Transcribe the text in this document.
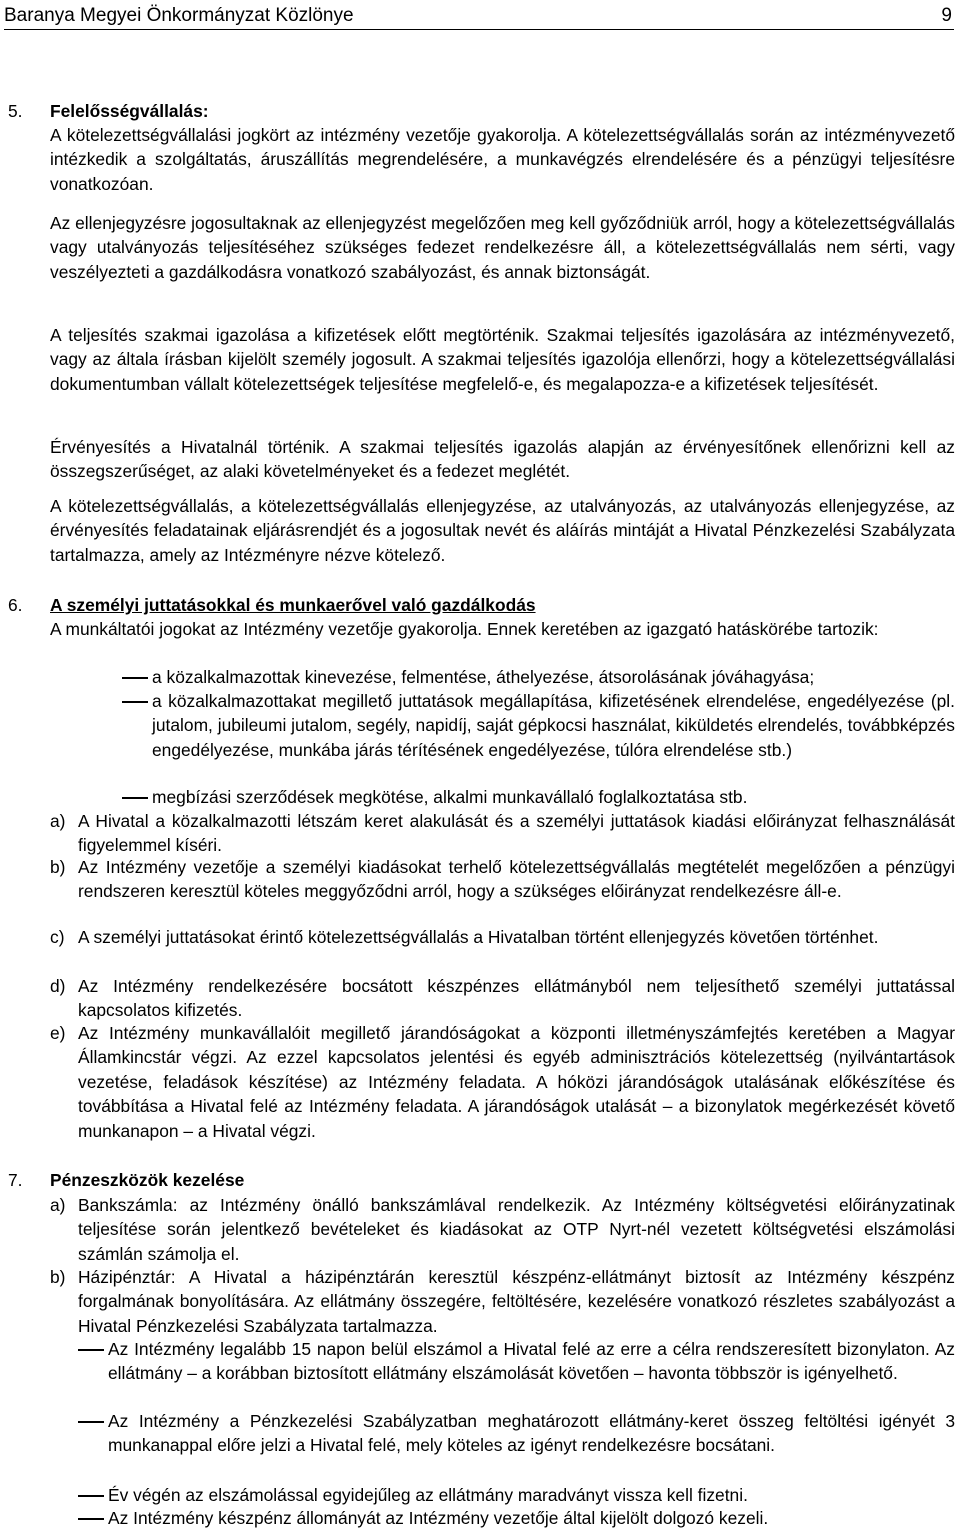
Baranya Megyei Önkormányzat Közlönye	9
5. Felelősségvállalás:
A kötelezettségvállalási jogkört az intézmény vezetője gyakorolja. A kötelezettségvállalás során az intézményvezető intézkedik a szolgáltatás, áruszállítás megrendelésére, a munkavégzés elrendelésére és a pénzügyi teljesítésre vonatkozóan.
Az ellenjegyzésre jogosultaknak az ellenjegyzést megelőzően meg kell győződniük arról, hogy a kötelezettségvállalás vagy utalványozás teljesítéséhez szükséges fedezet rendelkezésre áll, a kötelezettségvállalás nem sérti, vagy veszélyezteti a gazdálkodásra vonatkozó szabályozást, és annak biztonságát.
A teljesítés szakmai igazolása a kifizetések előtt megtörténik. Szakmai teljesítés igazolására az intézményvezető, vagy az általa írásban kijelölt személy jogosult. A szakmai teljesítés igazolója ellenőrzi, hogy a kötelezettségvállalási dokumentumban vállalt kötelezettségek teljesítése megfelelő-e, és megalapozza-e a kifizetések teljesítését.
Érvényesítés a Hivatalnál történik. A szakmai teljesítés igazolás alapján az érvényesítőnek ellenőrizni kell az összegszerűséget, az alaki követelményeket és a fedezet meglétét.
A kötelezettségvállalás, a kötelezettségvállalás ellenjegyzése, az utalványozás, az utalványozás ellenjegyzése, az érvényesítés feladatainak eljárásrendjét és a jogosultak nevét és aláírás mintáját a Hivatal Pénzkezelési Szabályzata tartalmazza, amely az Intézményre nézve kötelező.
6. A személyi juttatásokkal és munkaerővel való gazdálkodás
A munkáltatói jogokat az Intézmény vezetője gyakorolja. Ennek keretében az igazgató hatáskörébe tartozik:
a közalkalmazottak kinevezése, felmentése, áthelyezése, átsorolásának jóváhagyása;
a közalkalmazottakat megillető juttatások megállapítása, kifizetésének elrendelése, engedélyezése (pl. jutalom, jubileumi jutalom, segély, napidíj, saját gépkocsi használat, kiküldetés elrendelés, továbbképzés engedélyezése, munkába járás térítésének engedélyezése, túlóra elrendelése stb.)
megbízási szerződések megkötése, alkalmi munkavállaló foglalkoztatása stb.
a) A Hivatal a közalkalmazotti létszám keret alakulását és a személyi juttatások kiadási előirányzat felhasználását figyelemmel kíséri.
b) Az Intézmény vezetője a személyi kiadásokat terhelő kötelezettségvállalás megtételét megelőzően a pénzügyi rendszeren keresztül köteles meggyőződni arról, hogy a szükséges előirányzat rendelkezésre áll-e.
c) A személyi juttatásokat érintő kötelezettségvállalás a Hivatalban történt ellenjegyzés követően történhet.
d) Az Intézmény rendelkezésére bocsátott készpénzes ellátmányból nem teljesíthető személyi juttatással kapcsolatos kifizetés.
e) Az Intézmény munkavállalóit megillető járandóságokat a központi illetményszámfejtés keretében a Magyar Államkincstár végzi. Az ezzel kapcsolatos jelentési és egyéb adminisztrációs kötelezettség (nyilvántartások vezetése, feladások készítése) az Intézmény feladata. A hóközi járandóságok utalásának előkészítése és továbbítása a Hivatal felé az Intézmény feladata. A járandóságok utalását – a bizonylatok megérkezését követő munkanapon – a Hivatal végzi.
7. Pénzeszközök kezelése
a) Bankszámla: az Intézmény önálló bankszámlával rendelkezik. Az Intézmény költségvetési előirányzatinak teljesítése során jelentkező bevételeket és kiadásokat az OTP Nyrt-nél vezetett költségvetési elszámolási számlán számolja el.
b) Házipénztár: A Hivatal a házipénztárán keresztül készpénz-ellátmányt biztosít az Intézmény készpénz forgalmának bonyolítására. Az ellátmány összegére, feltöltésére, kezelésére vonatkozó részletes szabályozást a Hivatal Pénzkezelési Szabályzata tartalmazza.
Az Intézmény legalább 15 napon belül elszámol a Hivatal felé az erre a célra rendszeresített bizonylaton. Az ellátmány – a korábban biztosított ellátmány elszámolását követően – havonta többször is igényelhető.
Az Intézmény a Pénzkezelési Szabályzatban meghatározott ellátmány-keret összeg feltöltési igényét 3 munkanappal előre jelzi a Hivatal felé, mely köteles az igényt rendelkezésre bocsátani.
Év végén az elszámolással egyidejűleg az ellátmány maradványt vissza kell fizetni.
Az Intézmény készpénz állományát az Intézmény vezetője által kijelölt dolgozó kezeli.
